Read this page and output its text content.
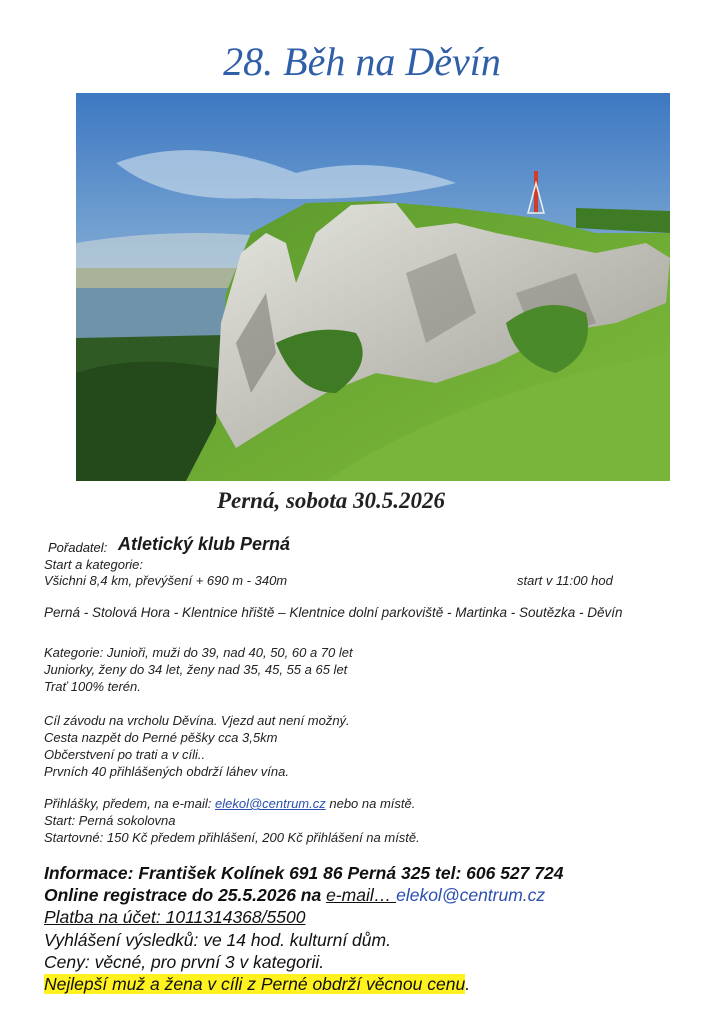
28. Běh na Děvín
Perná, sobota 30.5.2026
Pořadatel: Atletický klub Perná
Start a kategorie:
Všichni 8,4 km, převýšení + 690 m - 340m	start v 11:00 hod
Perná - Stolová Hora - Klentnice hřiště – Klentnice dolní parkoviště - Martinka - Soutězka - Děvín
Kategorie: Junioři, muži do 39, nad 40, 50, 60 a 70 let
Juniorky, ženy do 34 let, ženy nad 35, 45, 55 a 65 let
Trať 100% terén.
Cíl závodu na vrcholu Děvína. Vjezd aut není možný.
Cesta nazpět do Perné pěšky cca 3,5km
Občerstvení po trati a v cíli..
Prvních 40 přihlášených obdrží láhev vína.
Přihlášky, předem, na e-mail: elekol@centrum.cz nebo na místě.
Start: Perná sokolovna
Startovné: 150 Kč předem přihlášení, 200 Kč přihlášení na místě.
Informace: František Kolínek 691 86 Perná 325 tel: 606 527 724
Online registrace do 25.5.2026 na e-mail… elekol@centrum.cz
Platba na účet: 1011314368/5500
Vyhlášení výsledků: ve 14 hod. kulturní dům.
Ceny: věcné, pro první 3 v kategorii.
Nejlepší muž a žena v cíli z Perné obdrží věcnou cenu.
